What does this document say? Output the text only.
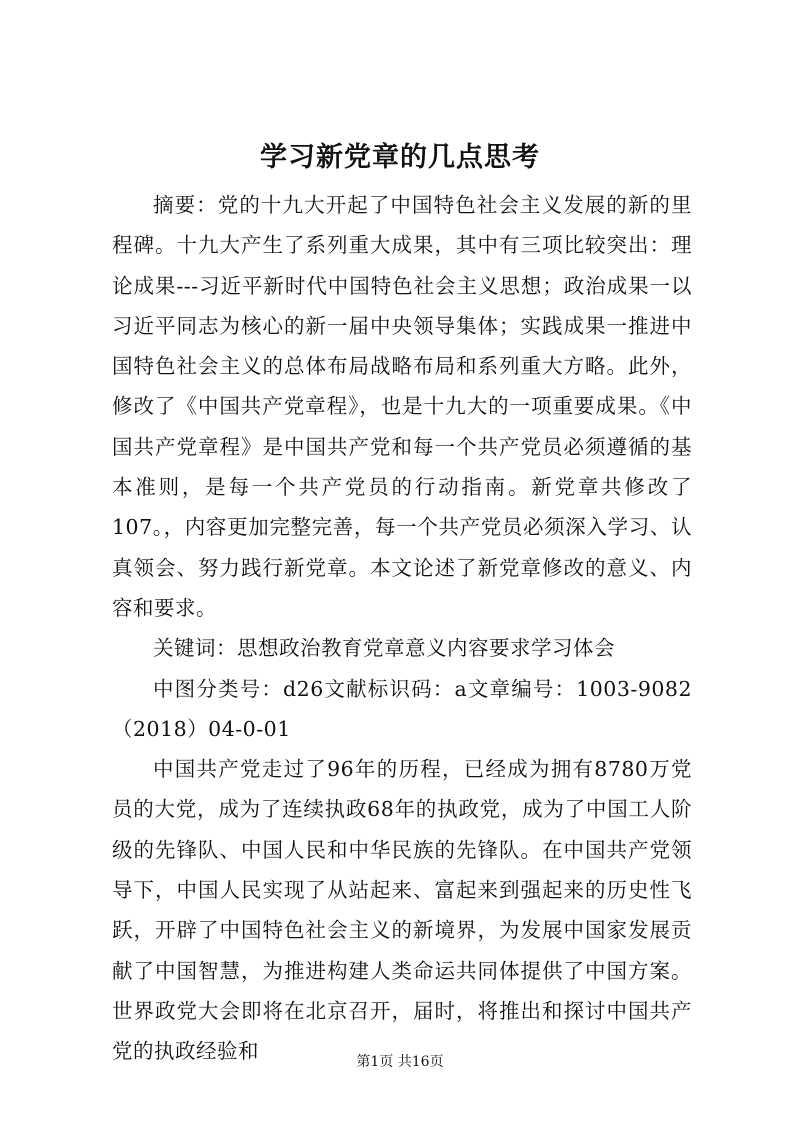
学习新党章的几点思考

摘要：党的十九大开起了中国特色社会主义发展的新的里程碑。十九大产生了系列重大成果，其中有三项比较突出：理论成果---习近平新时代中国特色社会主义思想；政治成果一以习近平同志为核心的新一届中央领导集体；实践成果一推进中国特色社会主义的总体布局战略布局和系列重大方略。此外，修改了《中国共产党章程》，也是十九大的一项重要成果。《中国共产党章程》是中国共产党和每一个共产党员必须遵循的基本准则，是每一个共产党员的行动指南。新党章共修改了107。，内容更加完整完善，每一个共产党员必须深入学习、认真领会、努力践行新党章。本文论述了新党章修改的意义、内容和要求。

关键词：思想政治教育党章意义内容要求学习体会

中图分类号：d26文献标识码：a文章编号：1003-9082（2018）04-0-01

中国共产党走过了96年的历程，已经成为拥有8780万党员的大党，成为了连续执政68年的执政党，成为了中国工人阶级的先锋队、中国人民和中华民族的先锋队。在中国共产党领导下，中国人民实现了从站起来、富起来到强起来的历史性飞跃，开辟了中国特色社会主义的新境界，为发展中国家发展贡献了中国智慧，为推进构建人类命运共同体提供了中国方案。世界政党大会即将在北京召开，届时，将推出和探讨中国共产党的执政经验和	第1页 共16页
